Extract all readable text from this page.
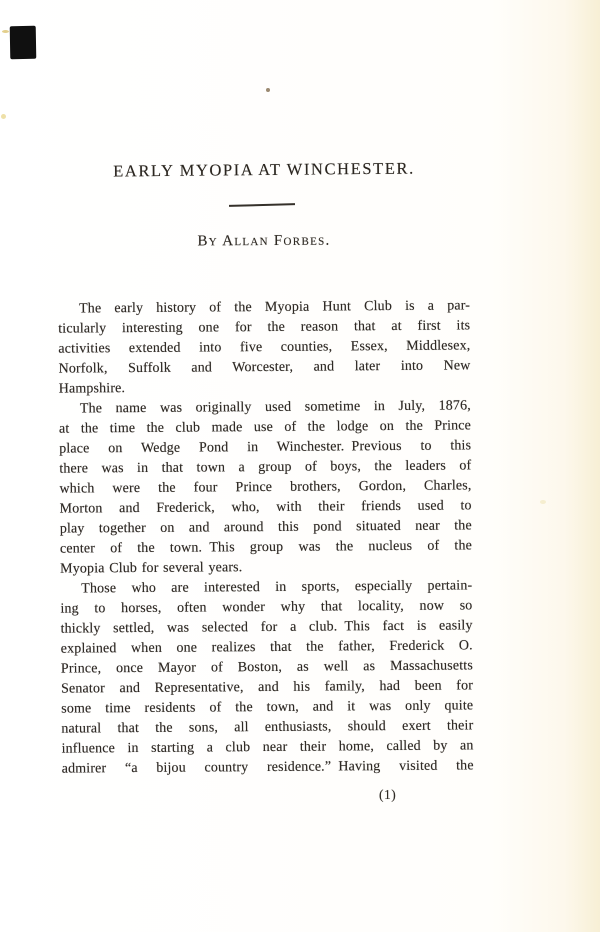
EARLY MYOPIA AT WINCHESTER.
By Allan Forbes.

The early history of the Myopia Hunt Club is a par-
ticularly interesting one for the reason that at first its
activities extended into five counties, Essex, Middlesex,
Norfolk, Suffolk and Worcester, and later into New
Hampshire.

The name was originally used sometime in July, 1876,
at the time the club made use of the lodge on the Prince
place on Wedge Pond in Winchester. Previous to this
there was in that town a group of boys, the leaders of
which were the four Prince brothers, Gordon, Charles,
Morton and Frederick, who, with their friends used to
play together on and around this pond situated near the
center of the town. This group was the nucleus of the
Myopia Club for several years.

Those who are interested in sports, especially pertain-
ing to horses, often wonder why that locality, now so
thickly settled, was selected for a club. This fact is easily
explained when one realizes that the father, Frederick O.
Prince, once Mayor of Boston, as well as Massachusetts
Senator and Representative, and his family, had been for
some time residents of the town, and it was only quite
natural that the sons, all enthusiasts, should exert their
influence in starting a club near their home, called by an
admirer “a bijou country residence.” Having visited the

(1)
